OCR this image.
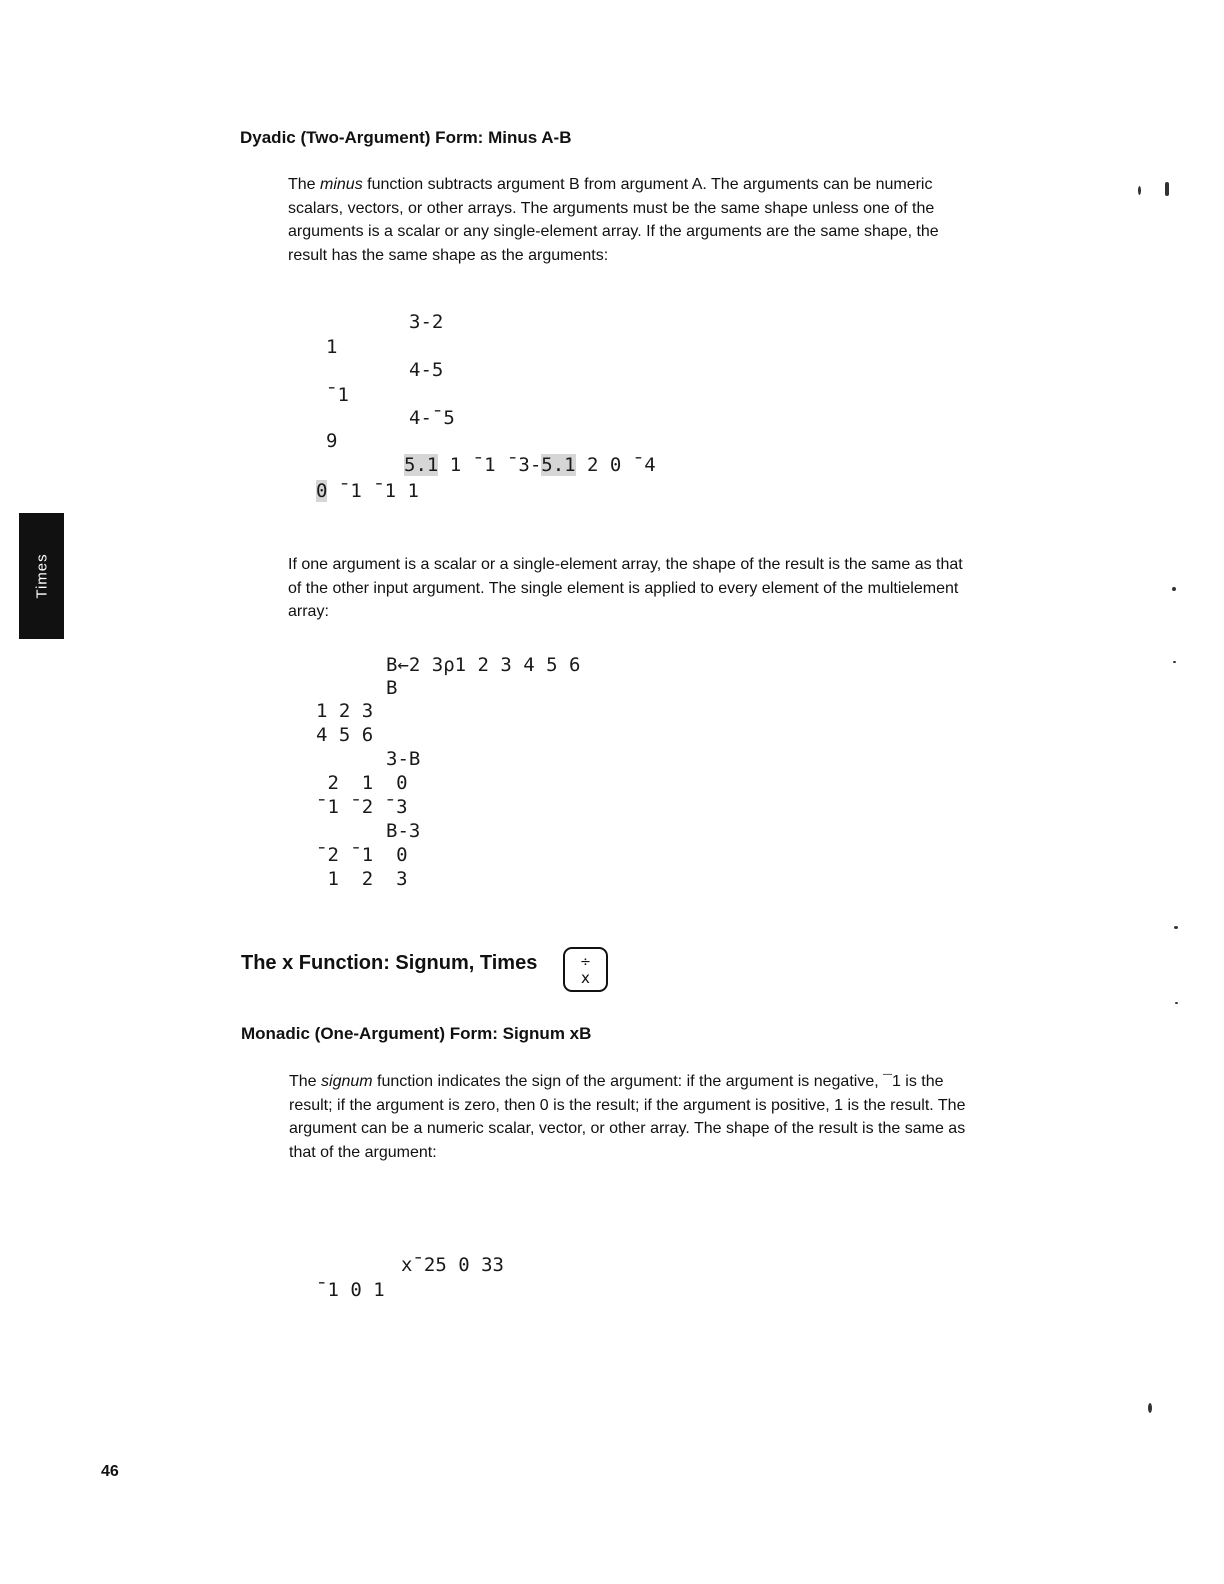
Times
Dyadic (Two-Argument) Form: Minus A-B

The minus function subtracts argument B from argument A. The arguments can be numeric scalars, vectors, or other arrays. The arguments must be the same shape unless one of the arguments is a scalar or any single-element array. If the arguments are the same shape, the result has the same shape as the arguments:

3-2
1
4-5
¯1
4-¯5
9
5.1 1 ¯1 ¯3-5.1 2 0 ¯4
0 ¯1 ¯1 1

If one argument is a scalar or a single-element array, the shape of the result is the same as that of the other input argument. The single element is applied to every element of the multielement array:

B←2 3⍴1 2 3 4 5 6
B
1 2 3
4 5 6
3-B
2  1  0
¯1 ¯2 ¯3
B-3
¯2 ¯1  0
1  2  3
The x Function: Signum, Times	÷
x
Monadic (One-Argument) Form: Signum xB

The signum function indicates the sign of the argument: if the argument is negative, ¯1 is the result; if the argument is zero, then 0 is the result; if the argument is positive, 1 is the result. The argument can be a numeric scalar, vector, or other array. The shape of the result is the same as that of the argument:

x¯25 0 33
¯1 0 1
46
